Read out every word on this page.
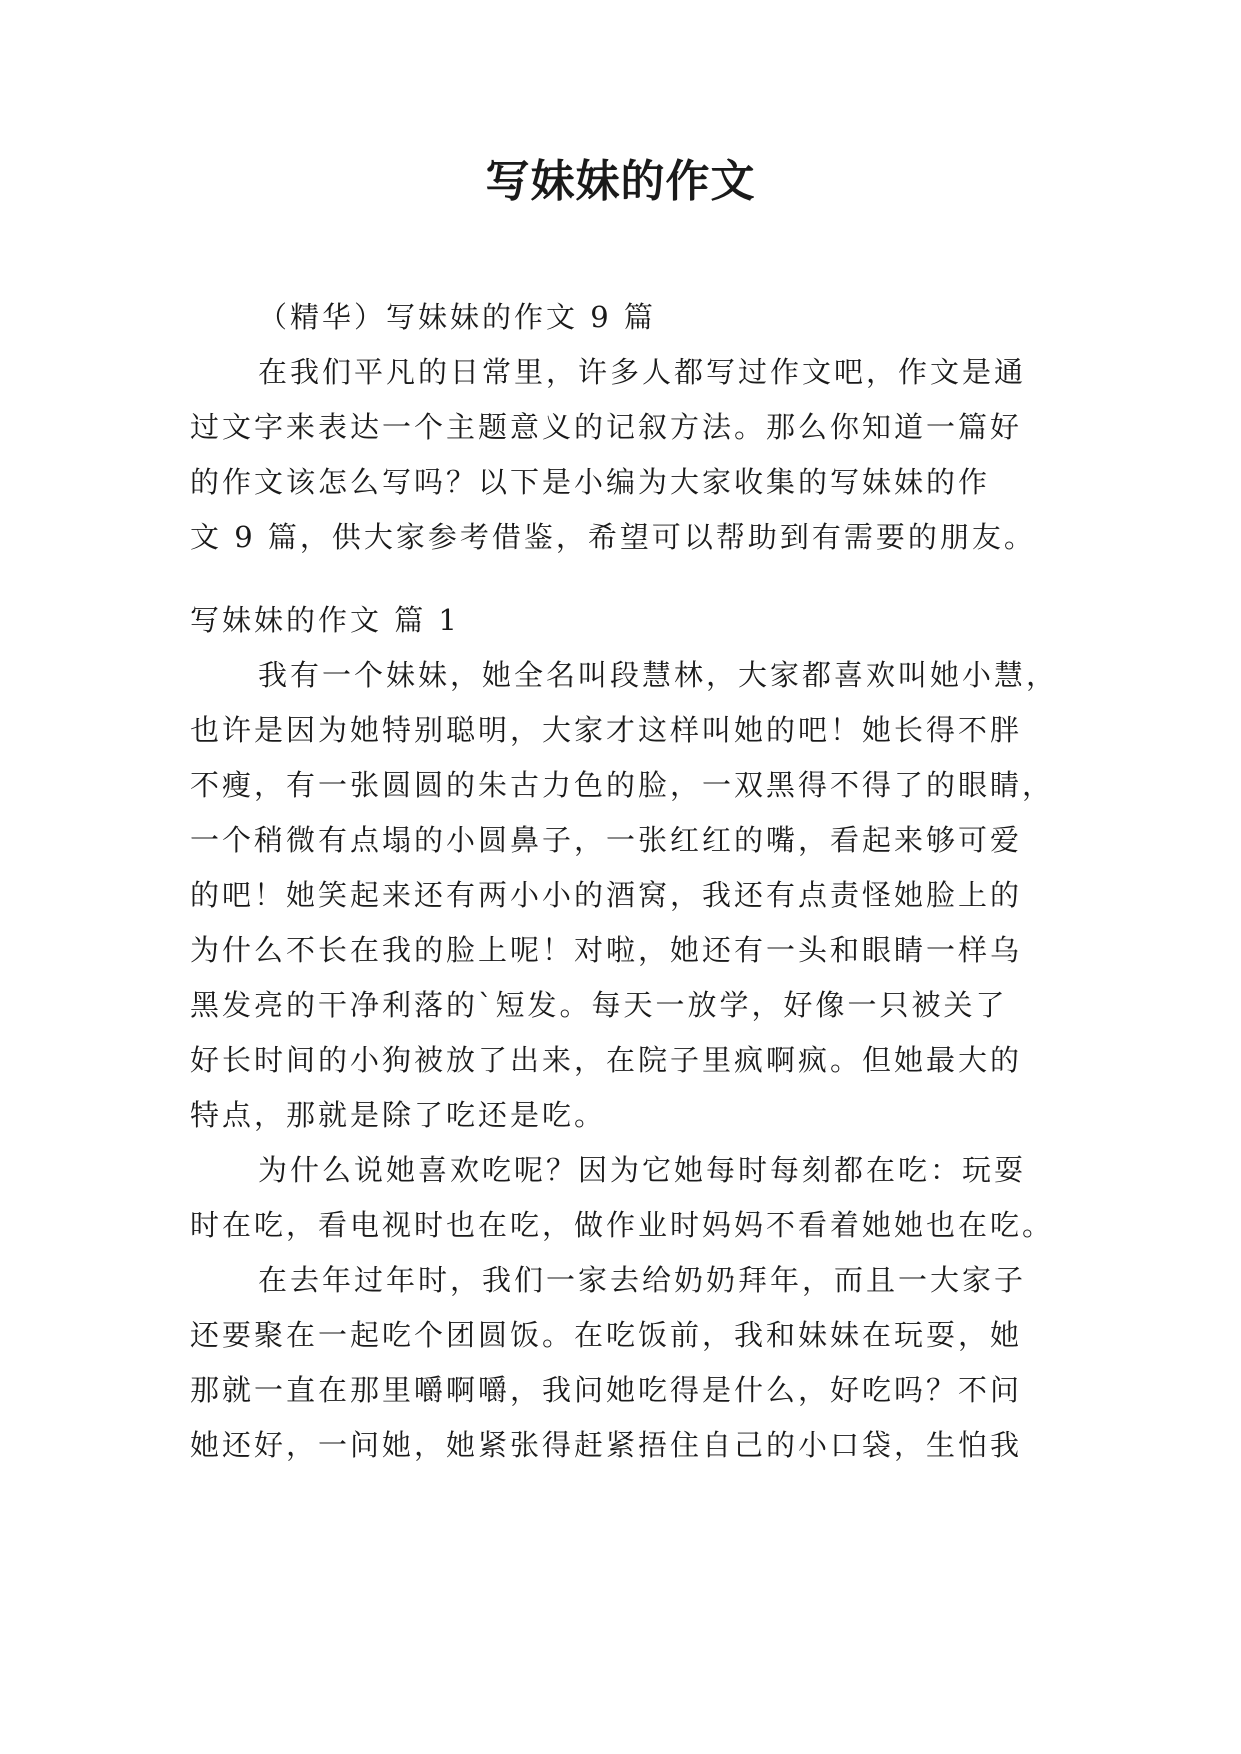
写妹妹的作文

（精华）写妹妹的作文 9 篇

在我们平凡的日常里，许多人都写过作文吧，作文是通

过文字来表达一个主题意义的记叙方法。那么你知道一篇好

的作文该怎么写吗？以下是小编为大家收集的写妹妹的作

文 9 篇，供大家参考借鉴，希望可以帮助到有需要的朋友。

写妹妹的作文 篇 1

我有一个妹妹，她全名叫段慧林，大家都喜欢叫她小慧，

也许是因为她特别聪明，大家才这样叫她的吧！她长得不胖

不瘦，有一张圆圆的朱古力色的脸，一双黑得不得了的眼睛，

一个稍微有点塌的小圆鼻子，一张红红的嘴，看起来够可爱

的吧！她笑起来还有两小小的酒窝，我还有点责怪她脸上的

为什么不长在我的脸上呢！对啦，她还有一头和眼睛一样乌

黑发亮的干净利落的`短发。每天一放学，好像一只被关了

好长时间的小狗被放了出来，在院子里疯啊疯。但她最大的

特点，那就是除了吃还是吃。

为什么说她喜欢吃呢？因为它她每时每刻都在吃：玩耍

时在吃，看电视时也在吃，做作业时妈妈不看着她她也在吃。

在去年过年时，我们一家去给奶奶拜年，而且一大家子

还要聚在一起吃个团圆饭。在吃饭前，我和妹妹在玩耍，她

那就一直在那里嚼啊嚼，我问她吃得是什么，好吃吗？不问

她还好，一问她，她紧张得赶紧捂住自己的小口袋，生怕我
